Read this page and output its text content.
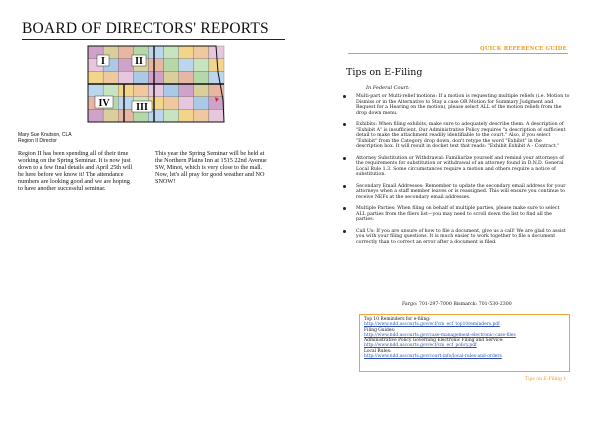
BOARD OF DIRECTORS' REPORTS
I	II
III
IV
Mary Sue Knutson, CLA
Region II Director

Region II has been spending all of their time working on the Spring Seminar. It is now just down to a few final details and April 25th will be here before we know it! The attendance numbers are looking good and we are hoping to have another successful seminar.

This year the Spring Seminar will be held at the Northern Plains Inn at 1515 22nd Avenue SW, Minot, which is very close to the mall. Now, let's all pray for good weather and NO SNOW!

QUICK REFERENCE GUIDE
Tips on E-Filing
In Federal Court:
Multi-part or Multi-relief motions: If a motion is requesting multiple reliefs (i.e. Motion to Dismiss or in the Alternative to Stay a case OR Motion for Summary Judgment and Request for a Hearing on the motion), please select ALL of the motion reliefs from the drop down menu.
Exhibits: When filing exhibits, make sure to adequately describe them. A description of "Exhibit A" is insufficient. Our Administrative Policy requires "a description of sufficient detail to make the attachment readily identifiable to the court." Also, if you select "Exhibit" from the Category drop down, don't retype the word "Exhibit" in the description box. It will result in docket text that reads: "Exhibit Exhibit A - Contract."
Attorney Substitution or Withdrawal: Familiarize yourself and remind your attorneys of the requirements for substitution or withdrawal of an attorney found in D.N.D. General Local Rule 1.3. Some circumstances require a motion and others require a notice of substitution.
Secondary Email Addresses: Remember to update the secondary email address for your attorneys when a staff member leaves or is reassigned. This will ensure you continue to receive NEFs at the secondary email addresses.
Multiple Parties: When filing on behalf of multiple parties, please make sure to select ALL parties from the filers list—you may need to scroll down the list to find all the parties.
Call Us: If you are unsure of how to file a document, give us a call! We are glad to assist you with your filing questions. It is much easier to work together to file a document correctly than to correct an error after a document is filed.
Fargo: 701-297-7000 Bismarck: 701-530-2300
Top 10 Reminders for e-filing:
http://www.ndd.uscourts.gov/ecf/cm_ecf_top10reminders.pdf
Filing Guides:
http://www.ndd.uscourts.gov/case-management-electronic-case-files
Administrative Policy Governing Electronic Filing and Service:
http://www.ndd.uscourts.gov/ecf/cm_ecf_policy.pdf
Local Rules:
http://www.ndd.uscourts.gov/court-info/local-rules-and-orders
Tips on E-Filing 1
